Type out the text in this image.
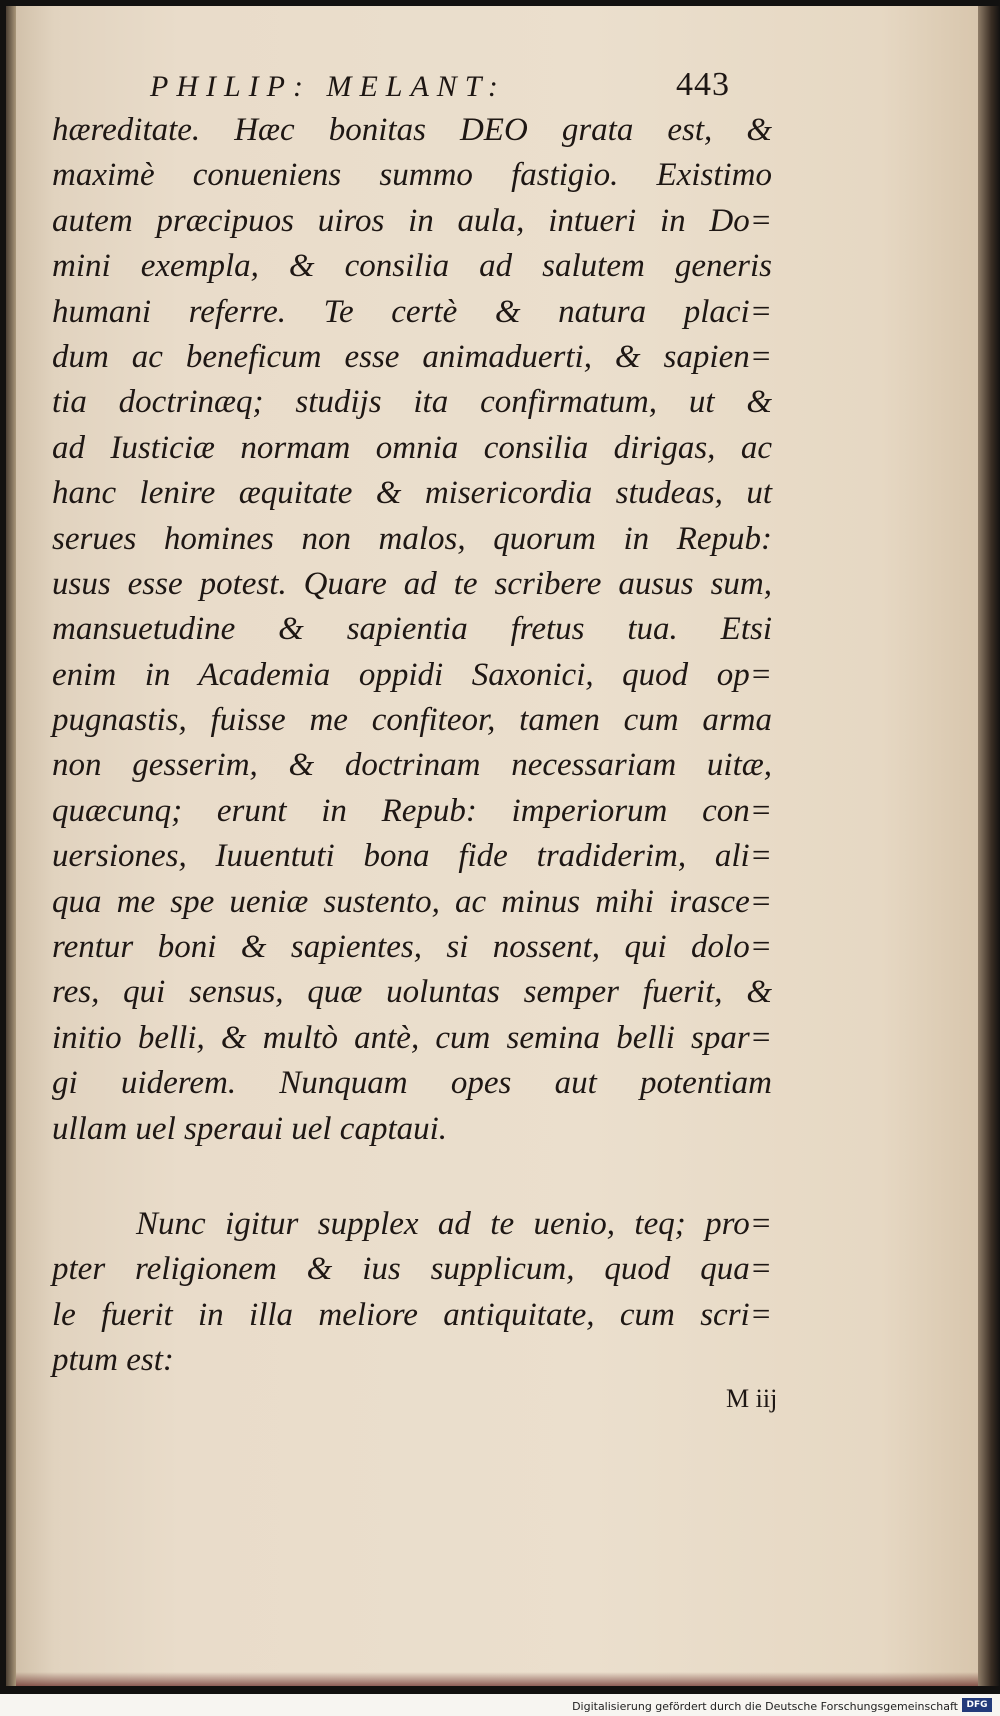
PHILIP: MELANT:	443
hæreditate. Hæc bonitas DEO grata est, &
maximè conueniens summo fastigio. Existimo
autem præcipuos uiros in aula, intueri in Do=
mini exempla, & consilia ad salutem generis
humani referre. Te certè & natura placi=
dum ac beneficum esse animaduerti, & sapien=
tia doctrinæq; studijs ita confirmatum, ut &
ad Iusticiæ normam omnia consilia dirigas, ac
hanc lenire æquitate & misericordia studeas, ut
serues homines non malos, quorum in Repub:
usus esse potest. Quare ad te scribere ausus sum,
mansuetudine & sapientia fretus tua. Etsi
enim in Academia oppidi Saxonici, quod op=
pugnastis, fuisse me confiteor, tamen cum arma
non gesserim, & doctrinam necessariam uitæ,
quæcunq; erunt in Repub: imperiorum con=
uersiones, Iuuentuti bona fide tradiderim, ali=
qua me spe ueniæ sustento, ac minus mihi irasce=
rentur boni & sapientes, si nossent, qui dolo=
res, qui sensus, quæ uoluntas semper fuerit, &
initio belli, & multò antè, cum semina belli spar=
gi uiderem. Nunquam opes aut potentiam
ullam uel speraui uel captaui.
Nunc igitur supplex ad te uenio, teq; pro=
pter religionem & ius supplicum, quod qua=
le fuerit in illa meliore antiquitate, cum scri=
ptum est:
M iij
Digitalisierung gefördert durch die Deutsche Forschungsgemeinschaft DFG
